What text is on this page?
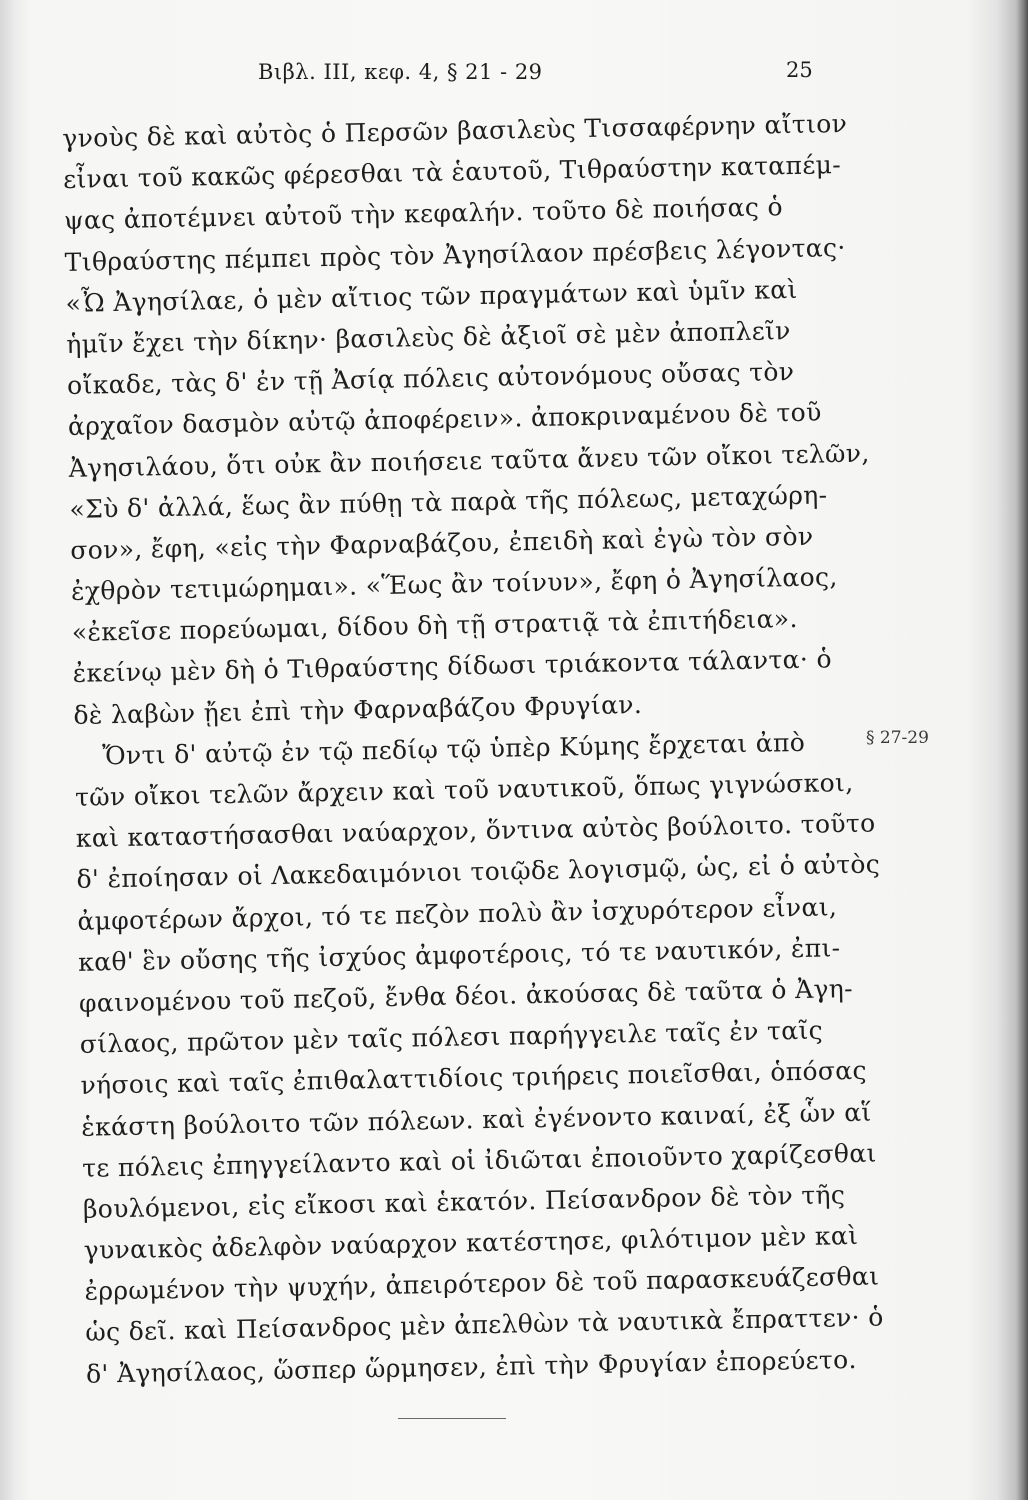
Βιβλ. III, κεφ. 4, § 21 - 29	25
γνοὺς δὲ καὶ αὐτὸς ὁ Περσῶν βασιλεὺς Τισσαφέρνην αἴτιον
εἶναι τοῦ κακῶς φέρεσθαι τὰ ἑαυτοῦ, Τιθραύστην καταπέμ-
ψας ἀποτέμνει αὐτοῦ τὴν κεφαλήν. τοῦτο δὲ ποιήσας ὁ
Τιθραύστης πέμπει πρὸς τὸν Ἀγησίλαον πρέσβεις λέγοντας·
«Ὦ Ἀγησίλαε, ὁ μὲν αἴτιος τῶν πραγμάτων καὶ ὑμῖν καὶ
ἡμῖν ἔχει τὴν δίκην· βασιλεὺς δὲ ἀξιοῖ σὲ μὲν ἀποπλεῖν
οἴκαδε, τὰς δ' ἐν τῇ Ἀσίᾳ πόλεις αὐτονόμους οὔσας τὸν
ἀρχαῖον δασμὸν αὐτῷ ἀποφέρειν». ἀποκριναμένου δὲ τοῦ
Ἀγησιλάου, ὅτι οὐκ ἂν ποιήσειε ταῦτα ἄνευ τῶν οἴκοι τελῶν,
«Σὺ δ' ἀλλά, ἕως ἂν πύθῃ τὰ παρὰ τῆς πόλεως, μεταχώρη-
σον», ἔφη, «εἰς τὴν Φαρναβάζου, ἐπειδὴ καὶ ἐγὼ τὸν σὸν
ἐχθρὸν τετιμώρημαι». «Ἕως ἂν τοίνυν», ἔφη ὁ Ἀγησίλαος,
«ἐκεῖσε πορεύωμαι, δίδου δὴ τῇ στρατιᾷ τὰ ἐπιτήδεια».
ἐκείνῳ μὲν δὴ ὁ Τιθραύστης δίδωσι τριάκοντα τάλαντα· ὁ
δὲ λαβὼν ᾔει ἐπὶ τὴν Φαρναβάζου Φρυγίαν.
Ὄντι δ' αὐτῷ ἐν τῷ πεδίῳ τῷ ὑπὲρ Κύμης ἔρχεται ἀπὸ
τῶν οἴκοι τελῶν ἄρχειν καὶ τοῦ ναυτικοῦ, ὅπως γιγνώσκοι,
καὶ καταστήσασθαι ναύαρχον, ὅντινα αὐτὸς βούλοιτο. τοῦτο
δ' ἐποίησαν οἱ Λακεδαιμόνιοι τοιῷδε λογισμῷ, ὡς, εἰ ὁ αὐτὸς
ἀμφοτέρων ἄρχοι, τό τε πεζὸν πολὺ ἂν ἰσχυρότερον εἶναι,
καθ' ἓν οὔσης τῆς ἰσχύος ἀμφοτέροις, τό τε ναυτικόν, ἐπι-
φαινομένου τοῦ πεζοῦ, ἔνθα δέοι. ἀκούσας δὲ ταῦτα ὁ Ἀγη-
σίλαος, πρῶτον μὲν ταῖς πόλεσι παρήγγειλε ταῖς ἐν ταῖς
νήσοις καὶ ταῖς ἐπιθαλαττιδίοις τριήρεις ποιεῖσθαι, ὁπόσας
ἑκάστη βούλοιτο τῶν πόλεων. καὶ ἐγένοντο καιναί, ἐξ ὧν αἵ
τε πόλεις ἐπηγγείλαντο καὶ οἱ ἰδιῶται ἐποιοῦντο χαρίζεσθαι
βουλόμενοι, εἰς εἴκοσι καὶ ἑκατόν. Πείσανδρον δὲ τὸν τῆς
γυναικὸς ἀδελφὸν ναύαρχον κατέστησε, φιλότιμον μὲν καὶ
ἐρρωμένον τὴν ψυχήν, ἀπειρότερον δὲ τοῦ παρασκευάζεσθαι
ὡς δεῖ. καὶ Πείσανδρος μὲν ἀπελθὼν τὰ ναυτικὰ ἔπραττεν· ὁ
δ' Ἀγησίλαος, ὥσπερ ὥρμησεν, ἐπὶ τὴν Φρυγίαν ἐπορεύετο.
§ 27-29
